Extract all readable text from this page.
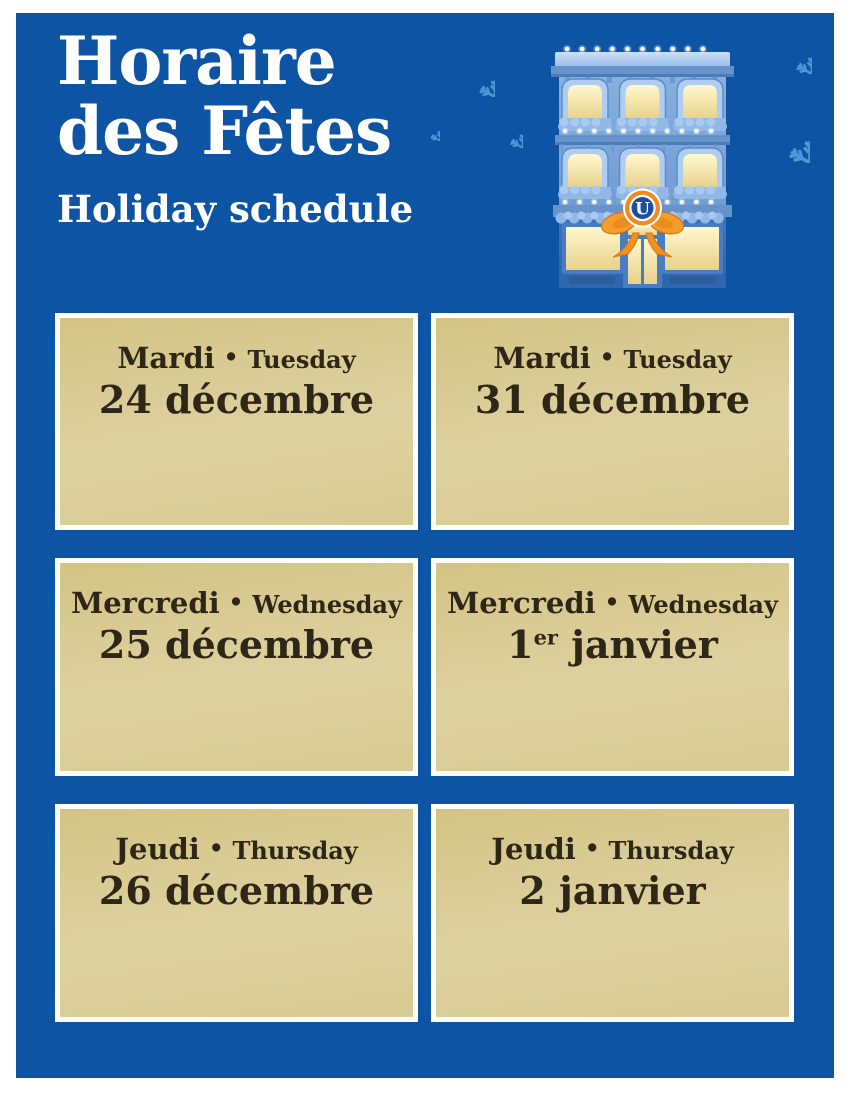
Horaire
des Fêtes
Holiday schedule	U
Mardi • Tuesday
24 décembre
Mardi • Tuesday
31 décembre
Mercredi • Wednesday
25 décembre
Mercredi • Wednesday
1er janvier
Jeudi • Thursday
26 décembre
Jeudi • Thursday
2 janvier
